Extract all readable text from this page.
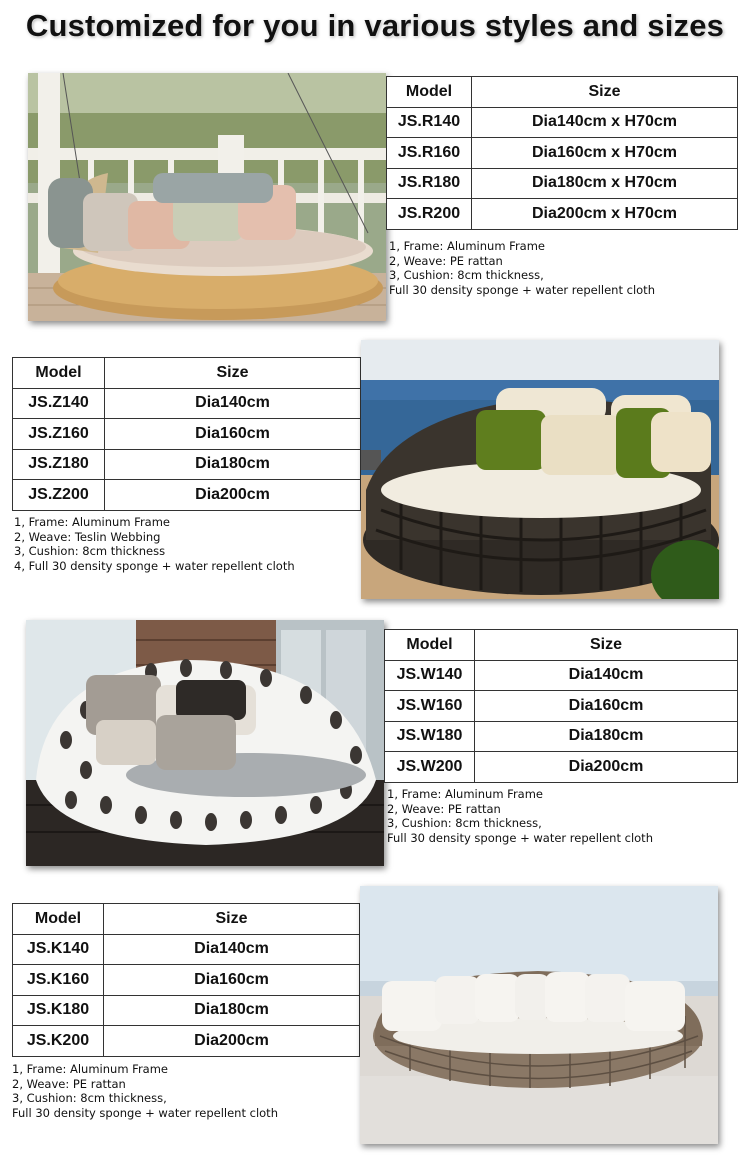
Customized for you in various styles and sizes
Model	Size
JS.R140	Dia140cm x H70cm
JS.R160	Dia160cm x H70cm
JS.R180	Dia180cm x H70cm
JS.R200	Dia200cm x H70cm
1, Frame: Aluminum Frame
2, Weave: PE rattan
3, Cushion: 8cm thickness,
Full 30 density sponge + water repellent cloth
Model	Size
JS.Z140	Dia140cm
JS.Z160	Dia160cm
JS.Z180	Dia180cm
JS.Z200	Dia200cm
1, Frame: Aluminum Frame
2, Weave: Teslin Webbing
3, Cushion: 8cm thickness
4, Full 30 density sponge + water repellent cloth
Model	Size
JS.W140	Dia140cm
JS.W160	Dia160cm
JS.W180	Dia180cm
JS.W200	Dia200cm
1, Frame: Aluminum Frame
2, Weave: PE rattan
3, Cushion: 8cm thickness,
Full 30 density sponge + water repellent cloth
Model	Size
JS.K140	Dia140cm
JS.K160	Dia160cm
JS.K180	Dia180cm
JS.K200	Dia200cm
1, Frame: Aluminum Frame
2, Weave: PE rattan
3, Cushion: 8cm thickness,
Full 30 density sponge + water repellent cloth
